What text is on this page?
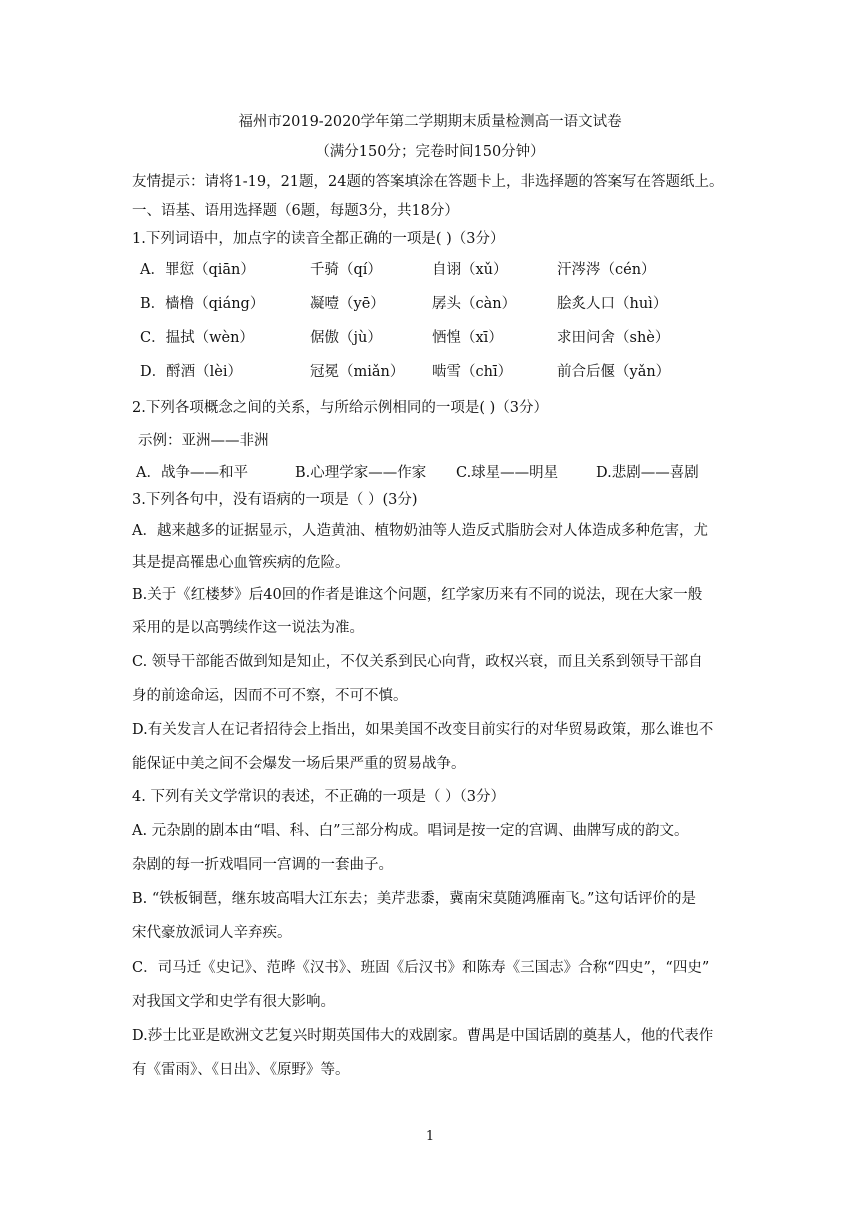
福州市2019-2020学年第二学期期末质量检测高一语文试卷
（满分150分；完卷时间150分钟）
友情提示：请将1-19，21题，24题的答案填涂在答题卡上，非选择题的答案写在答题纸上。
一、语基、语用选择题（6题，每题3分，共18分）
1.下列词语中，加点字的读音全都正确的一项是( )（3分）
A．罪愆（qiān）	千骑（qí）	自诩（xǔ）	汗涔涔（cén）
B．樯橹（qiáng）	凝噎（yē）	孱头（càn）	脍炙人口（huì）
C．揾拭（wèn）	倨傲（jù）	恓惶（xī）	求田问舍（shè）
D．酹酒（lèi）	冠冕（miǎn） 啮雪（chī）	前合后偃（yǎn）
2.下列各项概念之间的关系，与所给示例相同的一项是( )（3分）
示例：亚洲——非洲
A．战争——和平	B.心理学家——作家 C.球星——明星	D.悲剧——喜剧
3.下列各句中，没有语病的一项是（ ）(3分)
A．越来越多的证据显示，人造黄油、植物奶油等人造反式脂肪会对人体造成多种危害，尤
其是提高罹患心血管疾病的危险。
B.关于《红楼梦》后40回的作者是谁这个问题，红学家历来有不同的说法，现在大家一般
采用的是以高鹗续作这一说法为准。
C. 领导干部能否做到知是知止，不仅关系到民心向背，政权兴衰，而且关系到领导干部自
身的前途命运，因而不可不察，不可不慎。
D.有关发言人在记者招待会上指出，如果美国不改变目前实行的对华贸易政策，那么谁也不
能保证中美之间不会爆发一场后果严重的贸易战争。
4. 下列有关文学常识的表述，不正确的一项是（ ）（3分）
A. 元杂剧的剧本由“唱、科、白”三部分构成。唱词是按一定的宫调、曲牌写成的韵文。
杂剧的每一折戏唱同一宫调的一套曲子。
B. “铁板铜琶，继东坡高唱大江东去；美芹悲黍，冀南宋莫随鸿雁南飞。”这句话评价的是
宋代豪放派词人辛弃疾。
C．司马迁《史记》、范晔《汉书》、班固《后汉书》和陈寿《三国志》合称“四史”，“四史”
对我国文学和史学有很大影响。
D.莎士比亚是欧洲文艺复兴时期英国伟大的戏剧家。曹禺是中国话剧的奠基人，他的代表作
有《雷雨》、《日出》、《原野》等。
1
